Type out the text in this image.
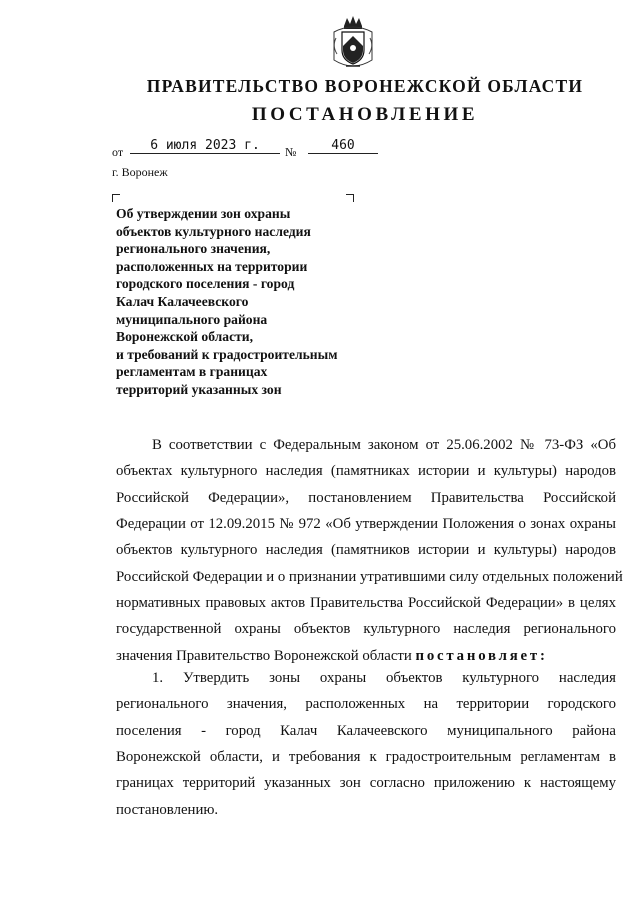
ПРАВИТЕЛЬСТВО ВОРОНЕЖСКОЙ ОБЛАСТИ
ПОСТАНОВЛЕНИЕ
от	6 июля 2023 г.	№	460
г. Воронеж
Об утверждении зон охраны
объектов культурного наследия
регионального значения,
расположенных на территории
городского поселения - город
Калач Калачеевского
муниципального района
Воронежской области,
и требований к градостроительным
регламентам в границах
территорий указанных зон
В соответствии с Федеральным законом от 25.06.2002 № 73-ФЗ «Об
объектах культурного наследия (памятниках истории и культуры) народов
Российской Федерации», постановлением Правительства Российской
Федерации от 12.09.2015 № 972 «Об утверждении Положения о зонах охраны
объектов культурного наследия (памятников истории и культуры) народов
Российской Федерации и о признании утратившими силу отдельных положений
нормативных правовых актов Правительства Российской Федерации» в целях
государственной охраны объектов культурного наследия регионального
значения Правительство Воронежской области постановляет:
1. Утвердить зоны охраны объектов культурного наследия
регионального значения, расположенных на территории городского
поселения - город Калач Калачеевского муниципального района
Воронежской области, и требования к градостроительным регламентам в
границах территорий указанных зон согласно приложению к настоящему
постановлению.
